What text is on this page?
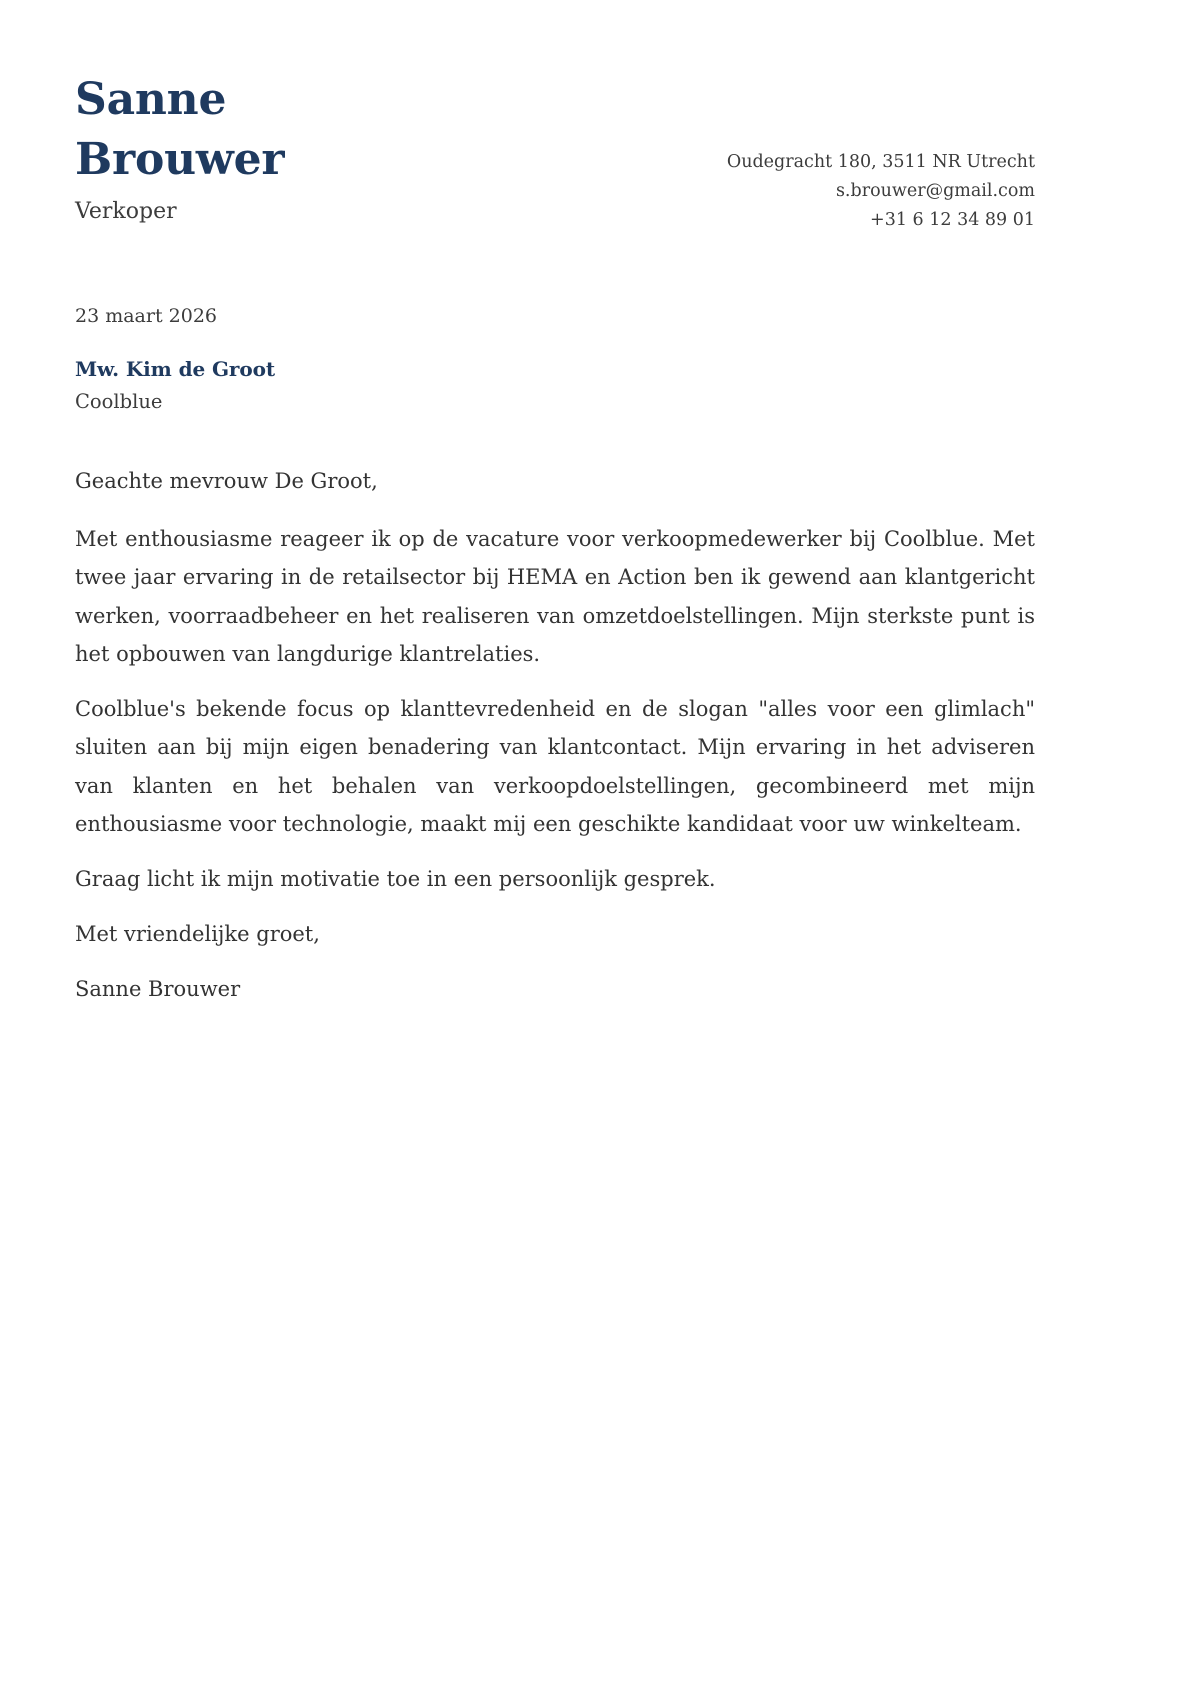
Sanne Brouwer
Verkoper
Oudegracht 180, 3511 NR Utrecht
s.brouwer@gmail.com
+31 6 12 34 89 01
23 maart 2026
Mw. Kim de Groot
Coolblue
Geachte mevrouw De Groot,

Met enthousiasme reageer ik op de vacature voor verkoopmedewerker bij Coolblue. Met twee jaar ervaring in de retailsector bij HEMA en Action ben ik gewend aan klantgericht werken, voorraadbeheer en het realiseren van omzetdoelstellingen. Mijn sterkste punt is het opbouwen van langdurige klantrelaties.

Coolblue's bekende focus op klanttevredenheid en de slogan "alles voor een glimlach" sluiten aan bij mijn eigen benadering van klantcontact. Mijn ervaring in het adviseren van klanten en het behalen van verkoopdoelstellingen, gecombineerd met mijn enthousiasme voor technologie, maakt mij een geschikte kandidaat voor uw winkelteam.

Graag licht ik mijn motivatie toe in een persoonlijk gesprek.

Met vriendelijke groet,

Sanne Brouwer
